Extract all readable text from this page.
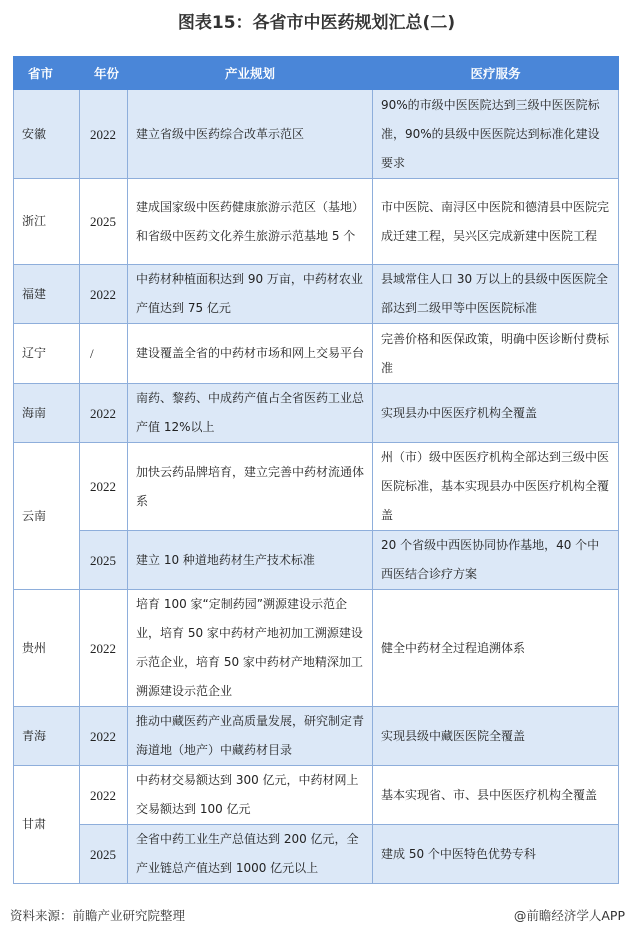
图表15：各省市中医药规划汇总(二)
省市	年份	产业规划	医疗服务
安徽	2022	建立省级中医药综合改革示范区	90%的市级中医医院达到三级中医医院标准，90%的县级中医医院达到标准化建设要求
浙江	2025	建成国家级中医药健康旅游示范区（基地）和省级中医药文化养生旅游示范基地 5 个	市中医院、南浔区中医院和德清县中医院完成迁建工程，吴兴区完成新建中医院工程
福建	2022	中药材种植面积达到 90 万亩，中药材农业产值达到 75 亿元	县域常住人口 30 万以上的县级中医医院全部达到二级甲等中医医院标准
辽宁	/	建设覆盖全省的中药材市场和网上交易平台	完善价格和医保政策，明确中医诊断付费标准
海南	2022	南药、黎药、中成药产值占全省医药工业总产值 12%以上	实现县办中医医疗机构全覆盖
云南	2022	加快云药品牌培育，建立完善中药材流通体系	州（市）级中医医疗机构全部达到三级中医医院标准，基本实现县办中医医疗机构全覆盖
	2025	建立 10 种道地药材生产技术标准	20 个省级中西医协同协作基地，40 个中西医结合诊疗方案
贵州	2022	培育 100 家“定制药园”溯源建设示范企业，培育 50 家中药材产地初加工溯源建设示范企业，培育 50 家中药材产地精深加工溯源建设示范企业	健全中药材全过程追溯体系
青海	2022	推动中藏医药产业高质量发展，研究制定青海道地（地产）中藏药材目录	实现县级中藏医医院全覆盖
甘肃	2022	中药材交易额达到 300 亿元，中药材网上交易额达到 100 亿元	基本实现省、市、县中医医疗机构全覆盖
	2025	全省中药工业生产总值达到 200 亿元，全产业链总产值达到 1000 亿元以上	建成 50 个中医特色优势专科
资料来源：前瞻产业研究院整理	@前瞻经济学人APP
